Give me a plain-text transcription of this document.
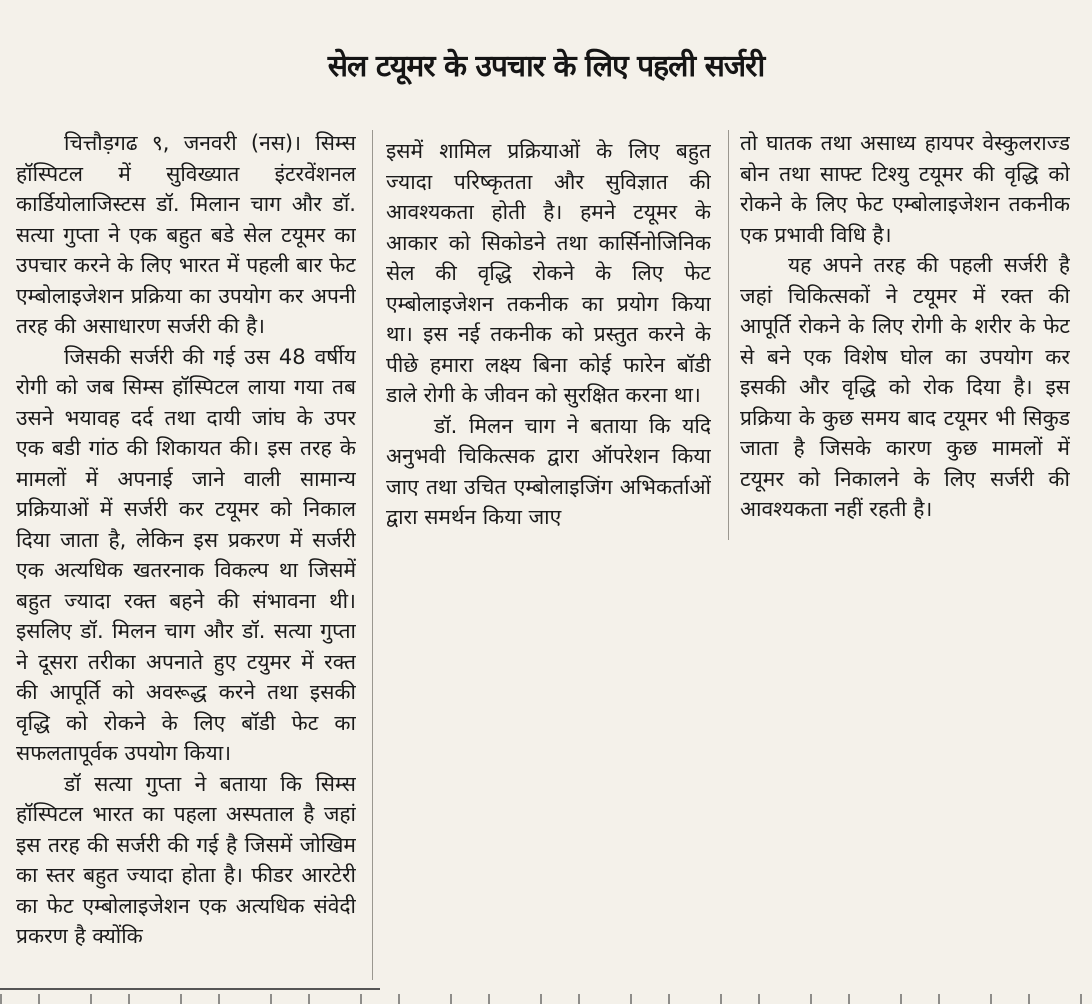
सेल टयूमर के उपचार के लिए पहली सर्जरी

चित्तौड़गढ ९, जनवरी (नस)। सिम्स हॉस्पिटल में सुविख्यात इंटरवेंशनल कार्डियोलाजिस्टस डॉ. मिलान चाग और डॉ. सत्या गुप्ता ने एक बहुत बडे सेल टयूमर का उपचार करने के लिए भारत में पहली बार फेट एम्बोलाइजेशन प्रक्रिया का उपयोग कर अपनी तरह की असाधारण सर्जरी की है।

जिसकी सर्जरी की गई उस 48 वर्षीय रोगी को जब सिम्स हॉस्पिटल लाया गया तब उसने भयावह दर्द तथा दायी जांघ के उपर एक बडी गांठ की शिकायत की। इस तरह के मामलों में अपनाई जाने वाली सामान्य प्रक्रियाओं में सर्जरी कर टयूमर को निकाल दिया जाता है, लेकिन इस प्रकरण में सर्जरी एक अत्यधिक खतरनाक विकल्प था जिसमें बहुत ज्यादा रक्त बहने की संभावना थी। इसलिए डॉ. मिलन चाग और डॉ. सत्या गुप्ता ने दूसरा तरीका अपनाते हुए टयुमर में रक्त की आपूर्ति को अवरूद्ध करने तथा इसकी वृद्धि को रोकने के लिए बॉडी फेट का सफलतापूर्वक उपयोग किया।

डॉ सत्या गुप्ता ने बताया कि सिम्स हॉस्पिटल भारत का पहला अस्पताल है जहां इस तरह की सर्जरी की गई है जिसमें जोखिम का स्तर बहुत ज्यादा होता है। फीडर आरटेरी का फेट एम्बोलाइजेशन एक अत्यधिक संवेदी प्रकरण है क्योंकि

इसमें शामिल प्रक्रियाओं के लिए बहुत ज्यादा परिष्कृतता और सुविज्ञात की आवश्यकता होती है। हमने टयूमर के आकार को सिकोडने तथा कार्सिनोजिनिक सेल की वृद्धि रोकने के लिए फेट एम्बोलाइजेशन तकनीक का प्रयोग किया था। इस नई तकनीक को प्रस्तुत करने के पीछे हमारा लक्ष्य बिना कोई फारेन बॉडी डाले रोगी के जीवन को सुरक्षित करना था।

डॉ. मिलन चाग ने बताया कि यदि अनुभवी चिकित्सक द्वारा ऑपरेशन किया जाए तथा उचित एम्बोलाइजिंग अभिकर्ताओं द्वारा समर्थन किया जाए

तो घातक तथा असाध्य हायपर वेस्कुलराज्ड बोन तथा साफ्ट टिश्यु टयूमर की वृद्धि को रोकने के लिए फेट एम्बोलाइजेशन तकनीक एक प्रभावी विधि है।

यह अपने तरह की पहली सर्जरी है जहां चिकित्सकों ने टयूमर में रक्त की आपूर्ति रोकने के लिए रोगी के शरीर के फेट से बने एक विशेष घोल का उपयोग कर इसकी और वृद्धि को रोक दिया है। इस प्रक्रिया के कुछ समय बाद टयूमर भी सिकुड जाता है जिसके कारण कुछ मामलों में टयूमर को निकालने के लिए सर्जरी की आवश्यकता नहीं रहती है।
